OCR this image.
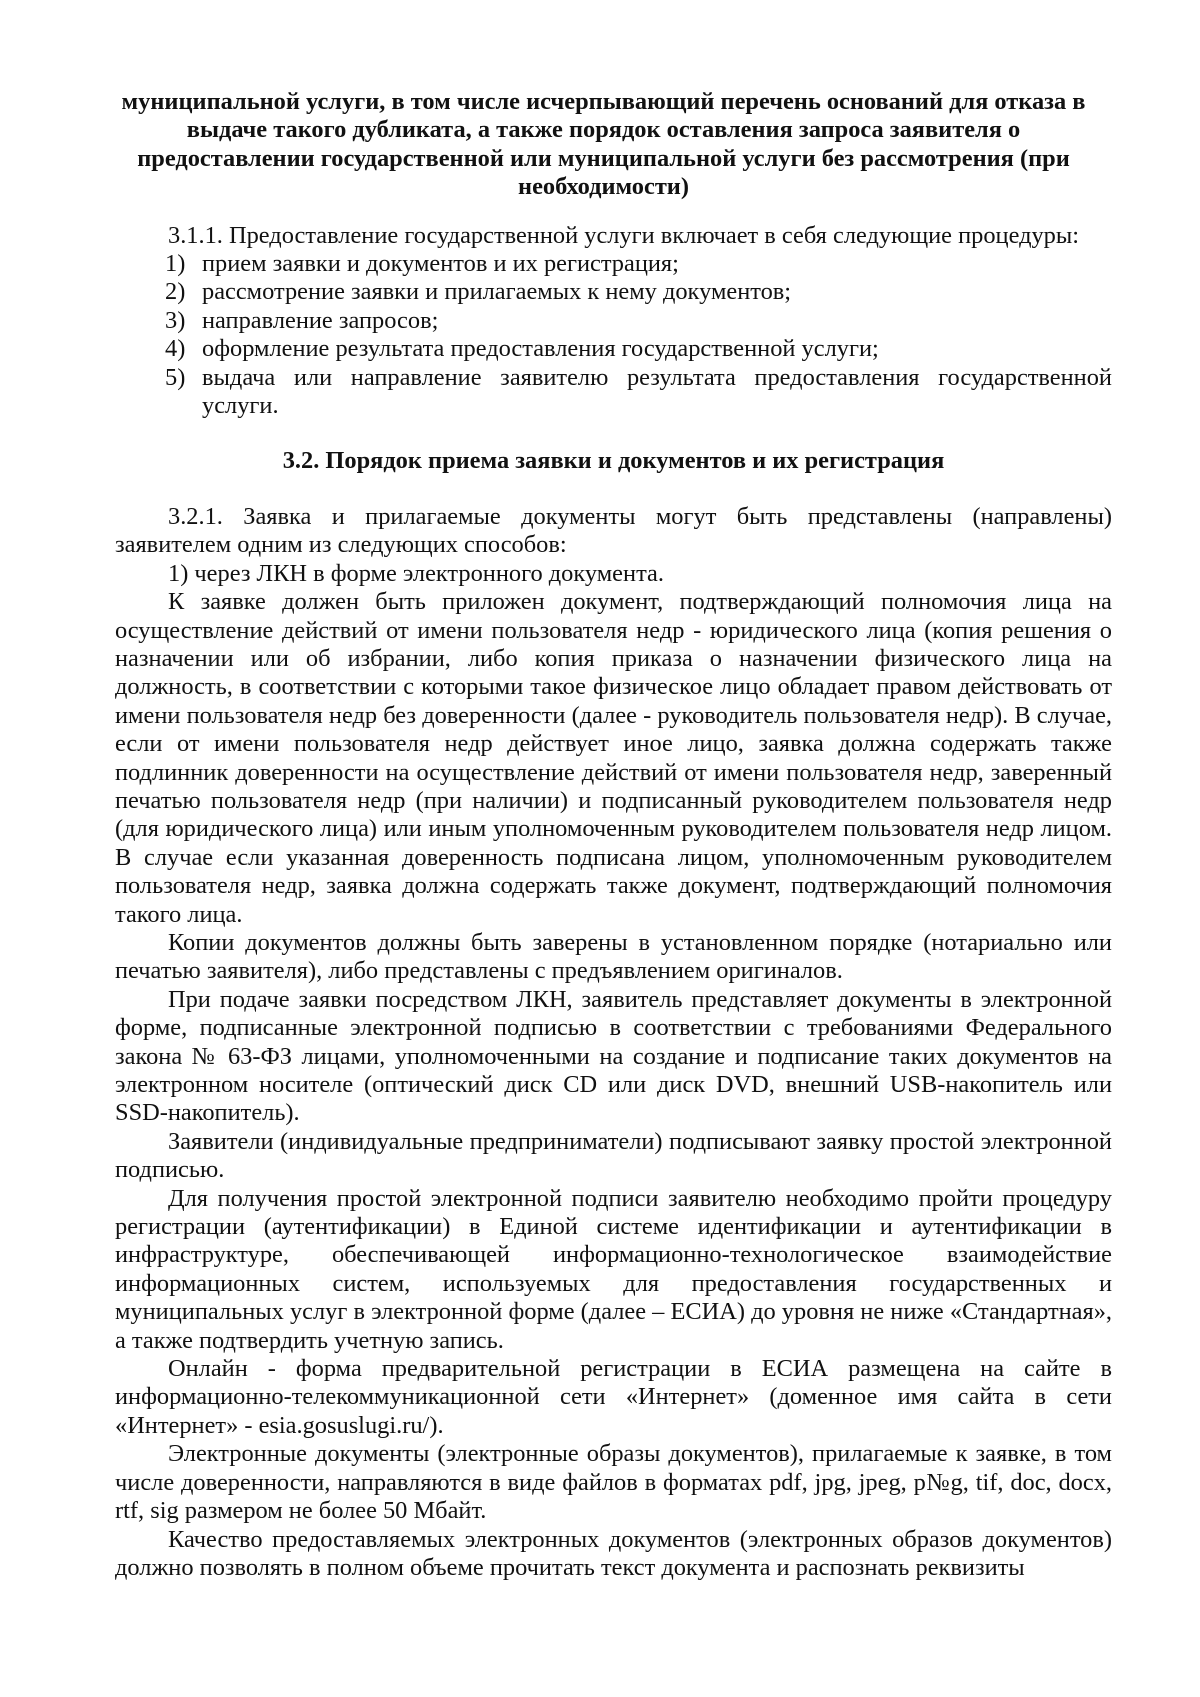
муниципальной услуги, в том числе исчерпывающий перечень оснований для отказа в выдаче такого дубликата, а также порядок оставления запроса заявителя о предоставлении государственной или муниципальной услуги без рассмотрения (при необходимости)

3.1.1. Предоставление государственной услуги включает в себя следующие процедуры:

1) прием заявки и документов и их регистрация;
2) рассмотрение заявки и прилагаемых к нему документов;
3) направление запросов;
4) оформление результата предоставления государственной услуги;
5) выдача или направление заявителю результата предоставления государственной услуги.
3.2. Порядок приема заявки и документов и их регистрация

3.2.1. Заявка и прилагаемые документы могут быть представлены (направлены) заявителем одним из следующих способов:

1) через ЛКН в форме электронного документа.

К заявке должен быть приложен документ, подтверждающий полномочия лица на осуществление действий от имени пользователя недр - юридического лица (копия решения о назначении или об избрании, либо копия приказа о назначении физического лица на должность, в соответствии с которыми такое физическое лицо обладает правом действовать от имени пользователя недр без доверенности (далее - руководитель пользователя недр). В случае, если от имени пользователя недр действует иное лицо, заявка должна содержать также подлинник доверенности на осуществление действий от имени пользователя недр, заверенный печатью пользователя недр (при наличии) и подписанный руководителем пользователя недр (для юридического лица) или иным уполномоченным руководителем пользователя недр лицом. В случае если указанная доверенность подписана лицом, уполномоченным руководителем пользователя недр, заявка должна содержать также документ, подтверждающий полномочия такого лица.

Копии документов должны быть заверены в установленном порядке (нотариально или печатью заявителя), либо представлены с предъявлением оригиналов.

При подаче заявки посредством ЛКН, заявитель представляет документы в электронной форме, подписанные электронной подписью в соответствии с требованиями Федерального закона № 63-ФЗ лицами, уполномоченными на создание и подписание таких документов на электронном носителе (оптический диск CD или диск DVD, внешний USB-накопитель или SSD-накопитель).

Заявители (индивидуальные предприниматели) подписывают заявку простой электронной подписью.

Для получения простой электронной подписи заявителю необходимо пройти процедуру регистрации (аутентификации) в Единой системе идентификации и аутентификации в инфраструктуре, обеспечивающей информационно-технологическое взаимодействие информационных систем, используемых для предоставления государственных и муниципальных услуг в электронной форме (далее – ЕСИА) до уровня не ниже «Стандартная», а также подтвердить учетную запись.

Онлайн - форма предварительной регистрации в ЕСИА размещена на сайте в информационно-телекоммуникационной сети «Интернет» (доменное имя сайта в сети «Интернет» - esia.gosuslugi.ru/).

Электронные документы (электронные образы документов), прилагаемые к заявке, в том числе доверенности, направляются в виде файлов в форматах pdf, jpg, jpeg, p№g, tif, doc, docx, rtf, sig размером не более 50 Мбайт.

Качество предоставляемых электронных документов (электронных образов документов) должно позволять в полном объеме прочитать текст документа и распознать реквизиты
